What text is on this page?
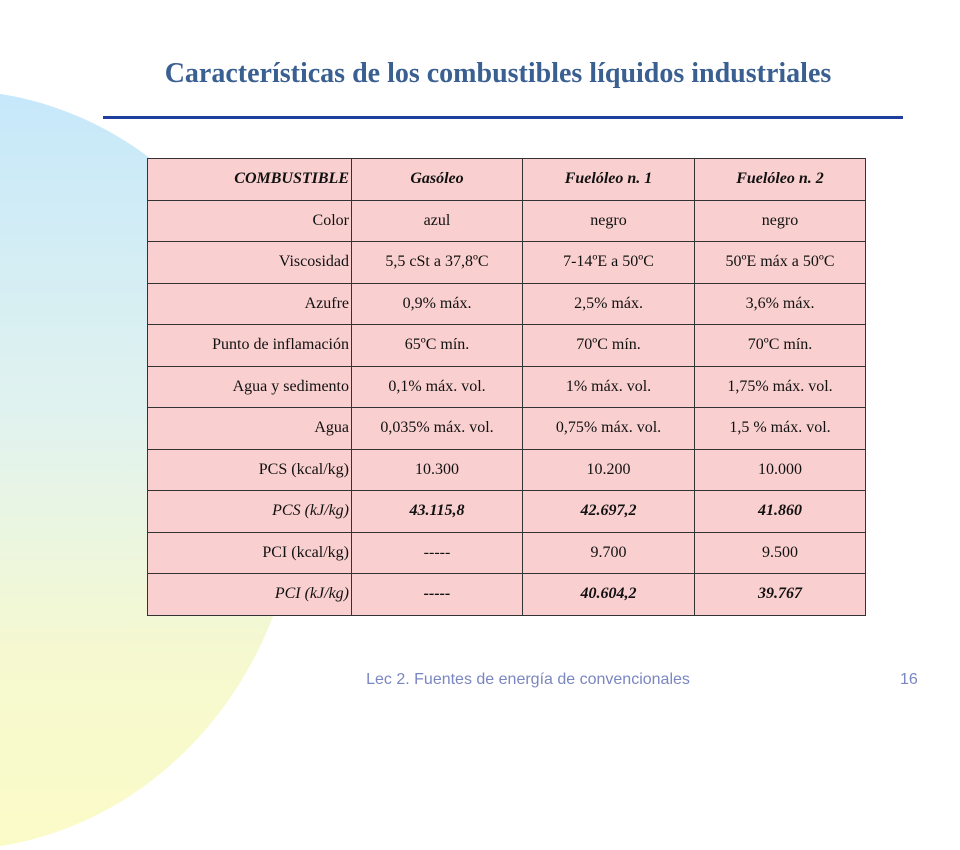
Características de los combustibles líquidos industriales
COMBUSTIBLE	Gasóleo	Fuelóleo n. 1	Fuelóleo n. 2
Color	azul	negro	negro
Viscosidad	5,5 cSt a 37,8ºC	7-14ºE a 50ºC	50ºE máx a 50ºC
Azufre	0,9% máx.	2,5% máx.	3,6% máx.
Punto de inflamación	65ºC mín.	70ºC mín.	70ºC mín.
Agua y sedimento	0,1% máx. vol.	1% máx. vol.	1,75% máx. vol.
Agua	0,035% máx. vol.	0,75% máx. vol.	1,5 % máx. vol.
PCS (kcal/kg)	10.300	10.200	10.000
PCS (kJ/kg)	43.115,8	42.697,2	41.860
PCI (kcal/kg)	-----	9.700	9.500
PCI (kJ/kg)	-----	40.604,2	39.767
Lec 2. Fuentes de energía de convencionales	16
